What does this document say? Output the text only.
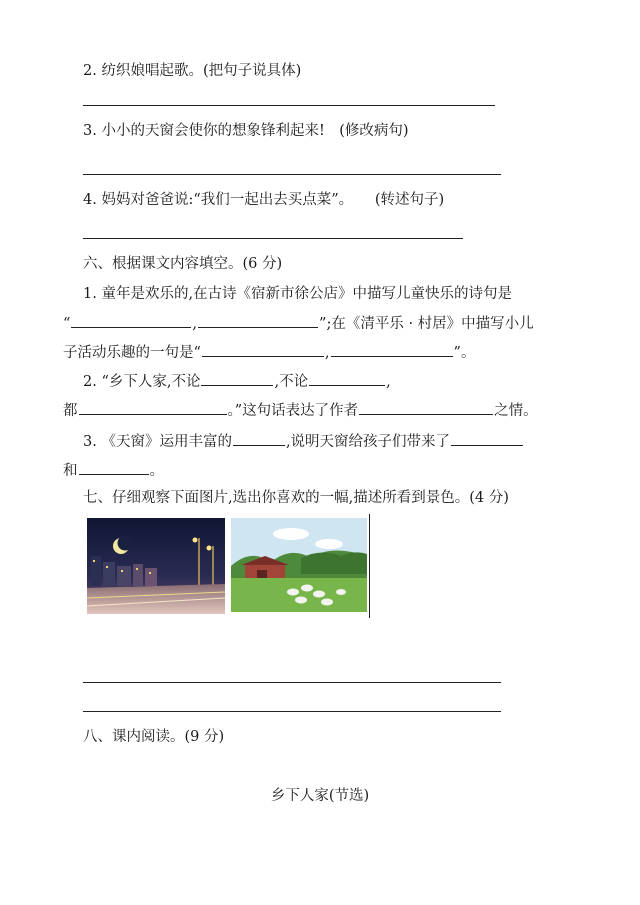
2. 纺织娘唱起歌。(把句子说具体)
3. 小小的天窗会使你的想象锋利起来!　(修改病句)
4. 妈妈对爸爸说:“我们一起出去买点菜”。　　(转述句子)
六、根据课文内容填空。(6 分)
1. 童年是欢乐的,在古诗《宿新市徐公店》中描写儿童快乐的诗句是
“	,	”;在《清平乐 · 村居》中描写小儿
子活动乐趣的一句是“	,	”。
2. “乡下人家,不论	,不论	,
都	。”这句话表达了作者	之情。
3. 《天窗》运用丰富的	,说明天窗给孩子们带来了
和	。
七、仔细观察下面图片,选出你喜欢的一幅,描述所看到景色。(4 分)
八、课内阅读。(9 分)
乡下人家(节选)
